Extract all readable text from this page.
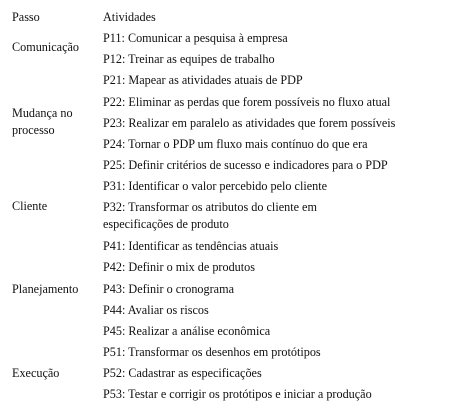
Passo	Atividades
Comunicação
Mudança no
processo
Cliente
Planejamento
Execução
P11: Comunicar a pesquisa à empresa
P12: Treinar as equipes de trabalho
P21: Mapear as atividades atuais de PDP
P22: Eliminar as perdas que forem possíveis no fluxo atual
P23: Realizar em paralelo as atividades que forem possíveis
P24: Tornar o PDP um fluxo mais contínuo do que era
P25: Definir critérios de sucesso e indicadores para o PDP
P31: Identificar o valor percebido pelo cliente
P32: Transformar os atributos do cliente em
especificações de produto
P41: Identificar as tendências atuais
P42: Definir o mix de produtos
P43: Definir o cronograma
P44: Avaliar os riscos
P45: Realizar a análise econômica
P51: Transformar os desenhos em protótipos
P52: Cadastrar as especificações
P53: Testar e corrigir os protótipos e iniciar a produção
